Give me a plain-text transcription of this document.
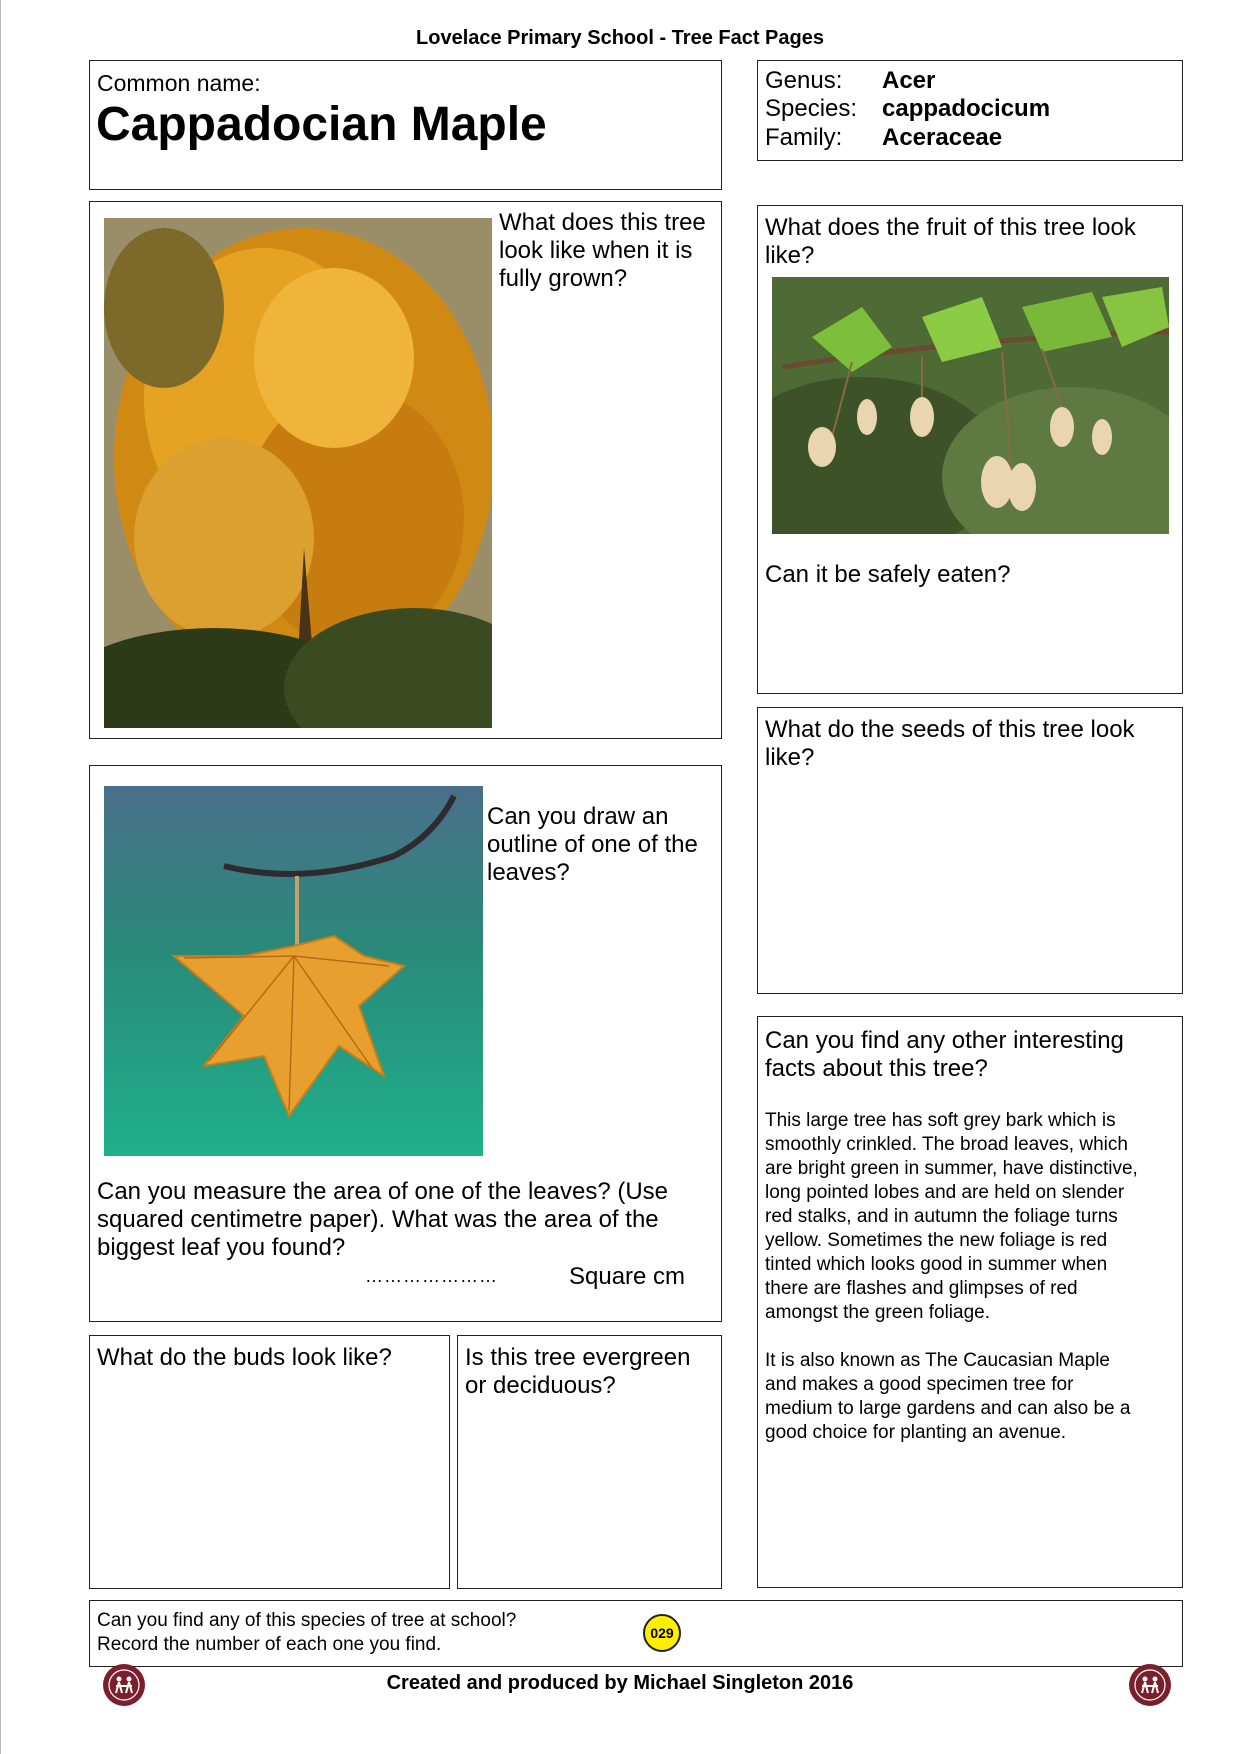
Lovelace Primary School - Tree Fact Pages
Common name:
Cappadocian Maple
Genus: Acer
Species: cappadocicum
Family: Aceraceae
What does this tree
look like when it is
fully grown?
What does the fruit of this tree look
like?
Can it be safely eaten?
What do the seeds of this tree look
like?
Can you draw an
outline of one of the
leaves?
Can you measure the area of one of the leaves? (Use
squared centimetre paper). What was the area of the
biggest leaf you found?
…………………	Square cm
Can you find any other interesting
facts about this tree?
This large tree has soft grey bark which is
smoothly crinkled. The broad leaves, which
are bright green in summer, have distinctive,
long pointed lobes and are held on slender
red stalks, and in autumn the foliage turns
yellow. Sometimes the new foliage is red
tinted which looks good in summer when
there are flashes and glimpses of red
amongst the green foliage.
It is also known as The Caucasian Maple
and makes a good specimen tree for
medium to large gardens and can also be a
good choice for planting an avenue.
What do the buds look like?	Is this tree evergreen
or deciduous?
Can you find any of this species of tree at school?
Record the number of each one you find.
029
Created and produced by Michael Singleton 2016
